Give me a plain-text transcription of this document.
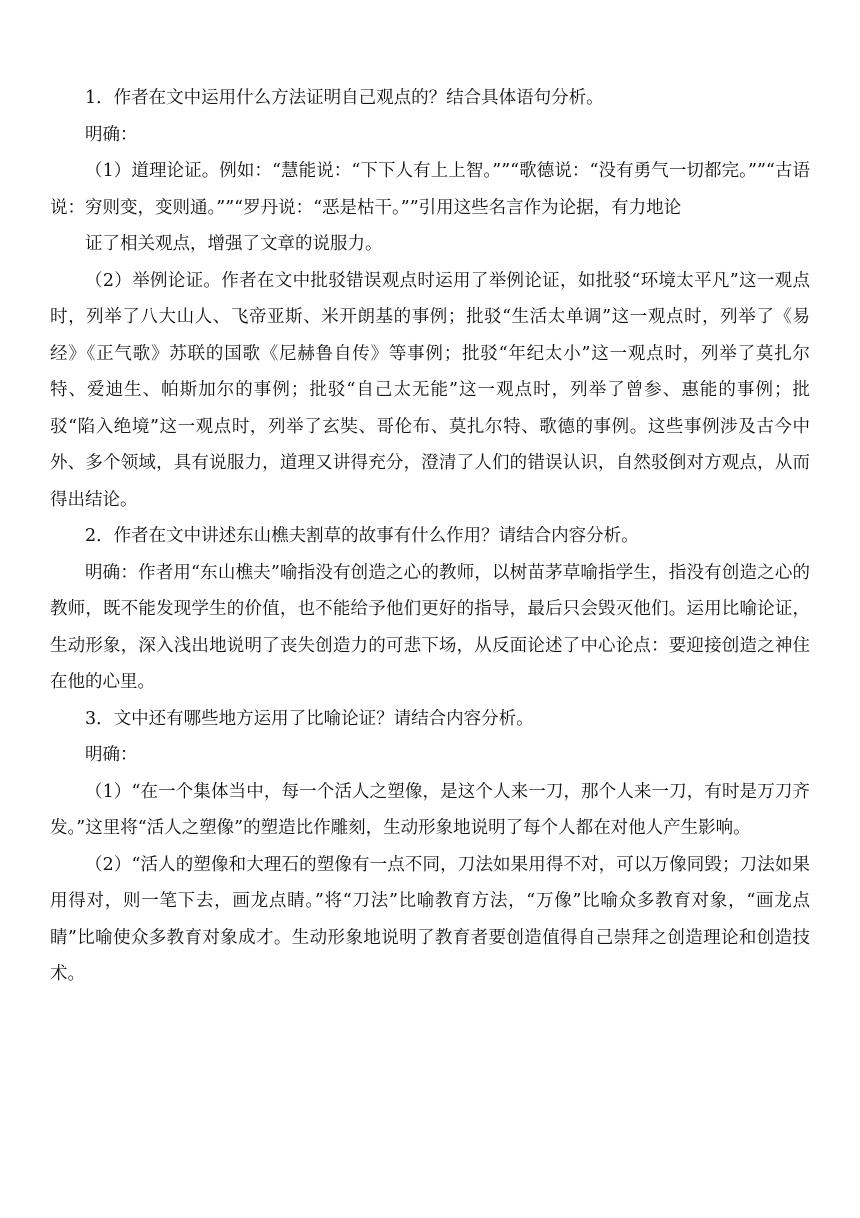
1．作者在文中运用什么方法证明自己观点的？结合具体语句分析。

明确：

（1）道理论证。例如：“慧能说：“下下人有上上智。””“歌德说：“没有勇气一切都完。””“古语说：穷则变，变则通。””“罗丹说：“恶是枯干。””引用这些名言作为论据，有力地论

证了相关观点，增强了文章的说服力。

（2）举例论证。作者在文中批驳错误观点时运用了举例论证，如批驳“环境太平凡”这一观点时，列举了八大山人、飞帝亚斯、米开朗基的事例；批驳“生活太单调”这一观点时，列举了《易经》《正气歌》苏联的国歌《尼赫鲁自传》等事例；批驳“年纪太小”这一观点时，列举了莫扎尔特、爱迪生、帕斯加尔的事例；批驳“自己太无能”这一观点时，列举了曾参、惠能的事例；批驳“陷入绝境”这一观点时，列举了玄奘、哥伦布、莫扎尔特、歌德的事例。这些事例涉及古今中外、多个领域，具有说服力，道理又讲得充分，澄清了人们的错误认识，自然驳倒对方观点，从而得出结论。

2．作者在文中讲述东山樵夫割草的故事有什么作用？请结合内容分析。

明确：作者用“东山樵夫”喻指没有创造之心的教师，以树苗茅草喻指学生，指没有创造之心的教师，既不能发现学生的价值，也不能给予他们更好的指导，最后只会毁灭他们。运用比喻论证，生动形象，深入浅出地说明了丧失创造力的可悲下场，从反面论述了中心论点：要迎接创造之神住在他的心里。

3．文中还有哪些地方运用了比喻论证？请结合内容分析。

明确：

（1）“在一个集体当中，每一个活人之塑像，是这个人来一刀，那个人来一刀，有时是万刀齐发。”这里将“活人之塑像”的塑造比作雕刻，生动形象地说明了每个人都在对他人产生影响。

（2）“活人的塑像和大理石的塑像有一点不同，刀法如果用得不对，可以万像同毁；刀法如果用得对，则一笔下去，画龙点睛。”将“刀法”比喻教育方法，“万像”比喻众多教育对象，“画龙点睛”比喻使众多教育对象成才。生动形象地说明了教育者要创造值得自己崇拜之创造理论和创造技术。
